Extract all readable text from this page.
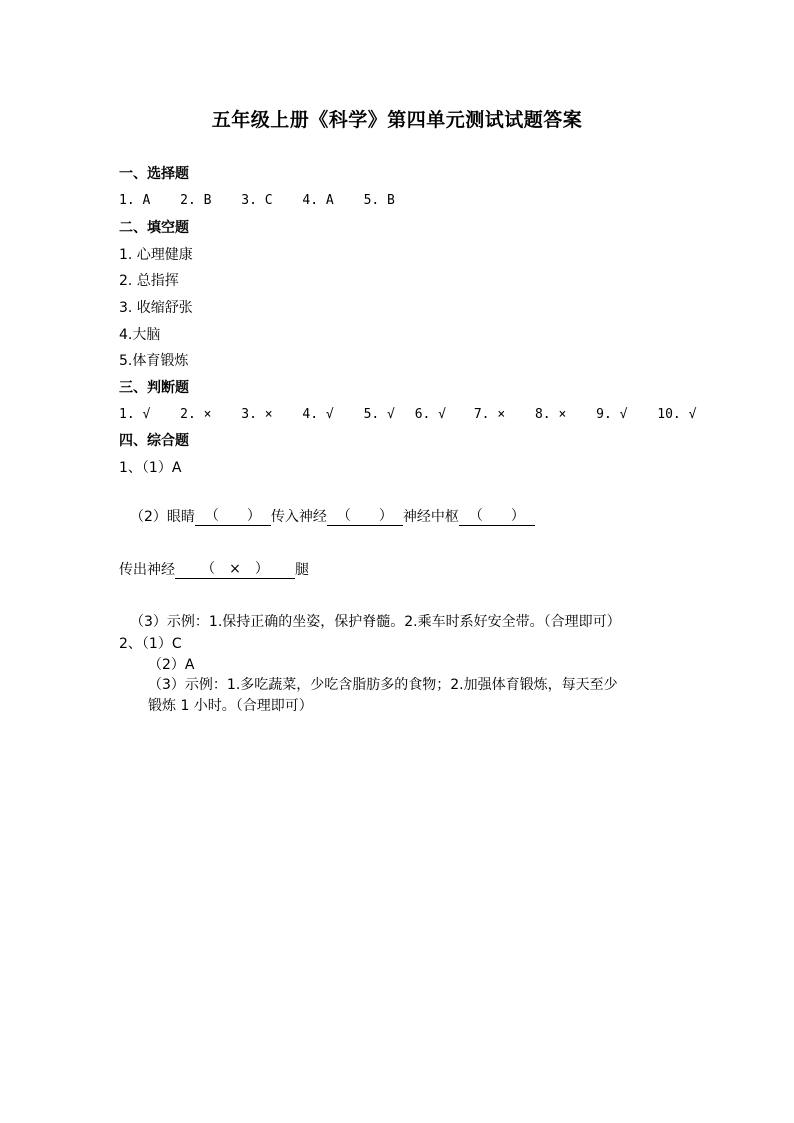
五年级上册《科学》第四单元测试试题答案
一、选择题
1. A 2. B 3. C 4. A 5. B
二、填空题
1. 心理健康
2. 总指挥
3. 收缩舒张
4.大脑
5.体育锻炼
三、判断题
1. √ 2. × 3. × 4. √ 5. √ 6. √ 7. × 8. × 9. √ 10. √
四、综合题
1、（1）A
（2）眼睛 （　　） 传入神经 （　　） 神经中枢 （　　）
传出神经 （　×　） 腿
（3）示例：1.保持正确的坐姿，保护脊髓。2.乘车时系好安全带。（合理即可）
2、（1）C
（2）A
（3）示例：1.多吃蔬菜，少吃含脂肪多的食物；2.加强体育锻炼，每天至少
锻炼 1 小时。（合理即可）
